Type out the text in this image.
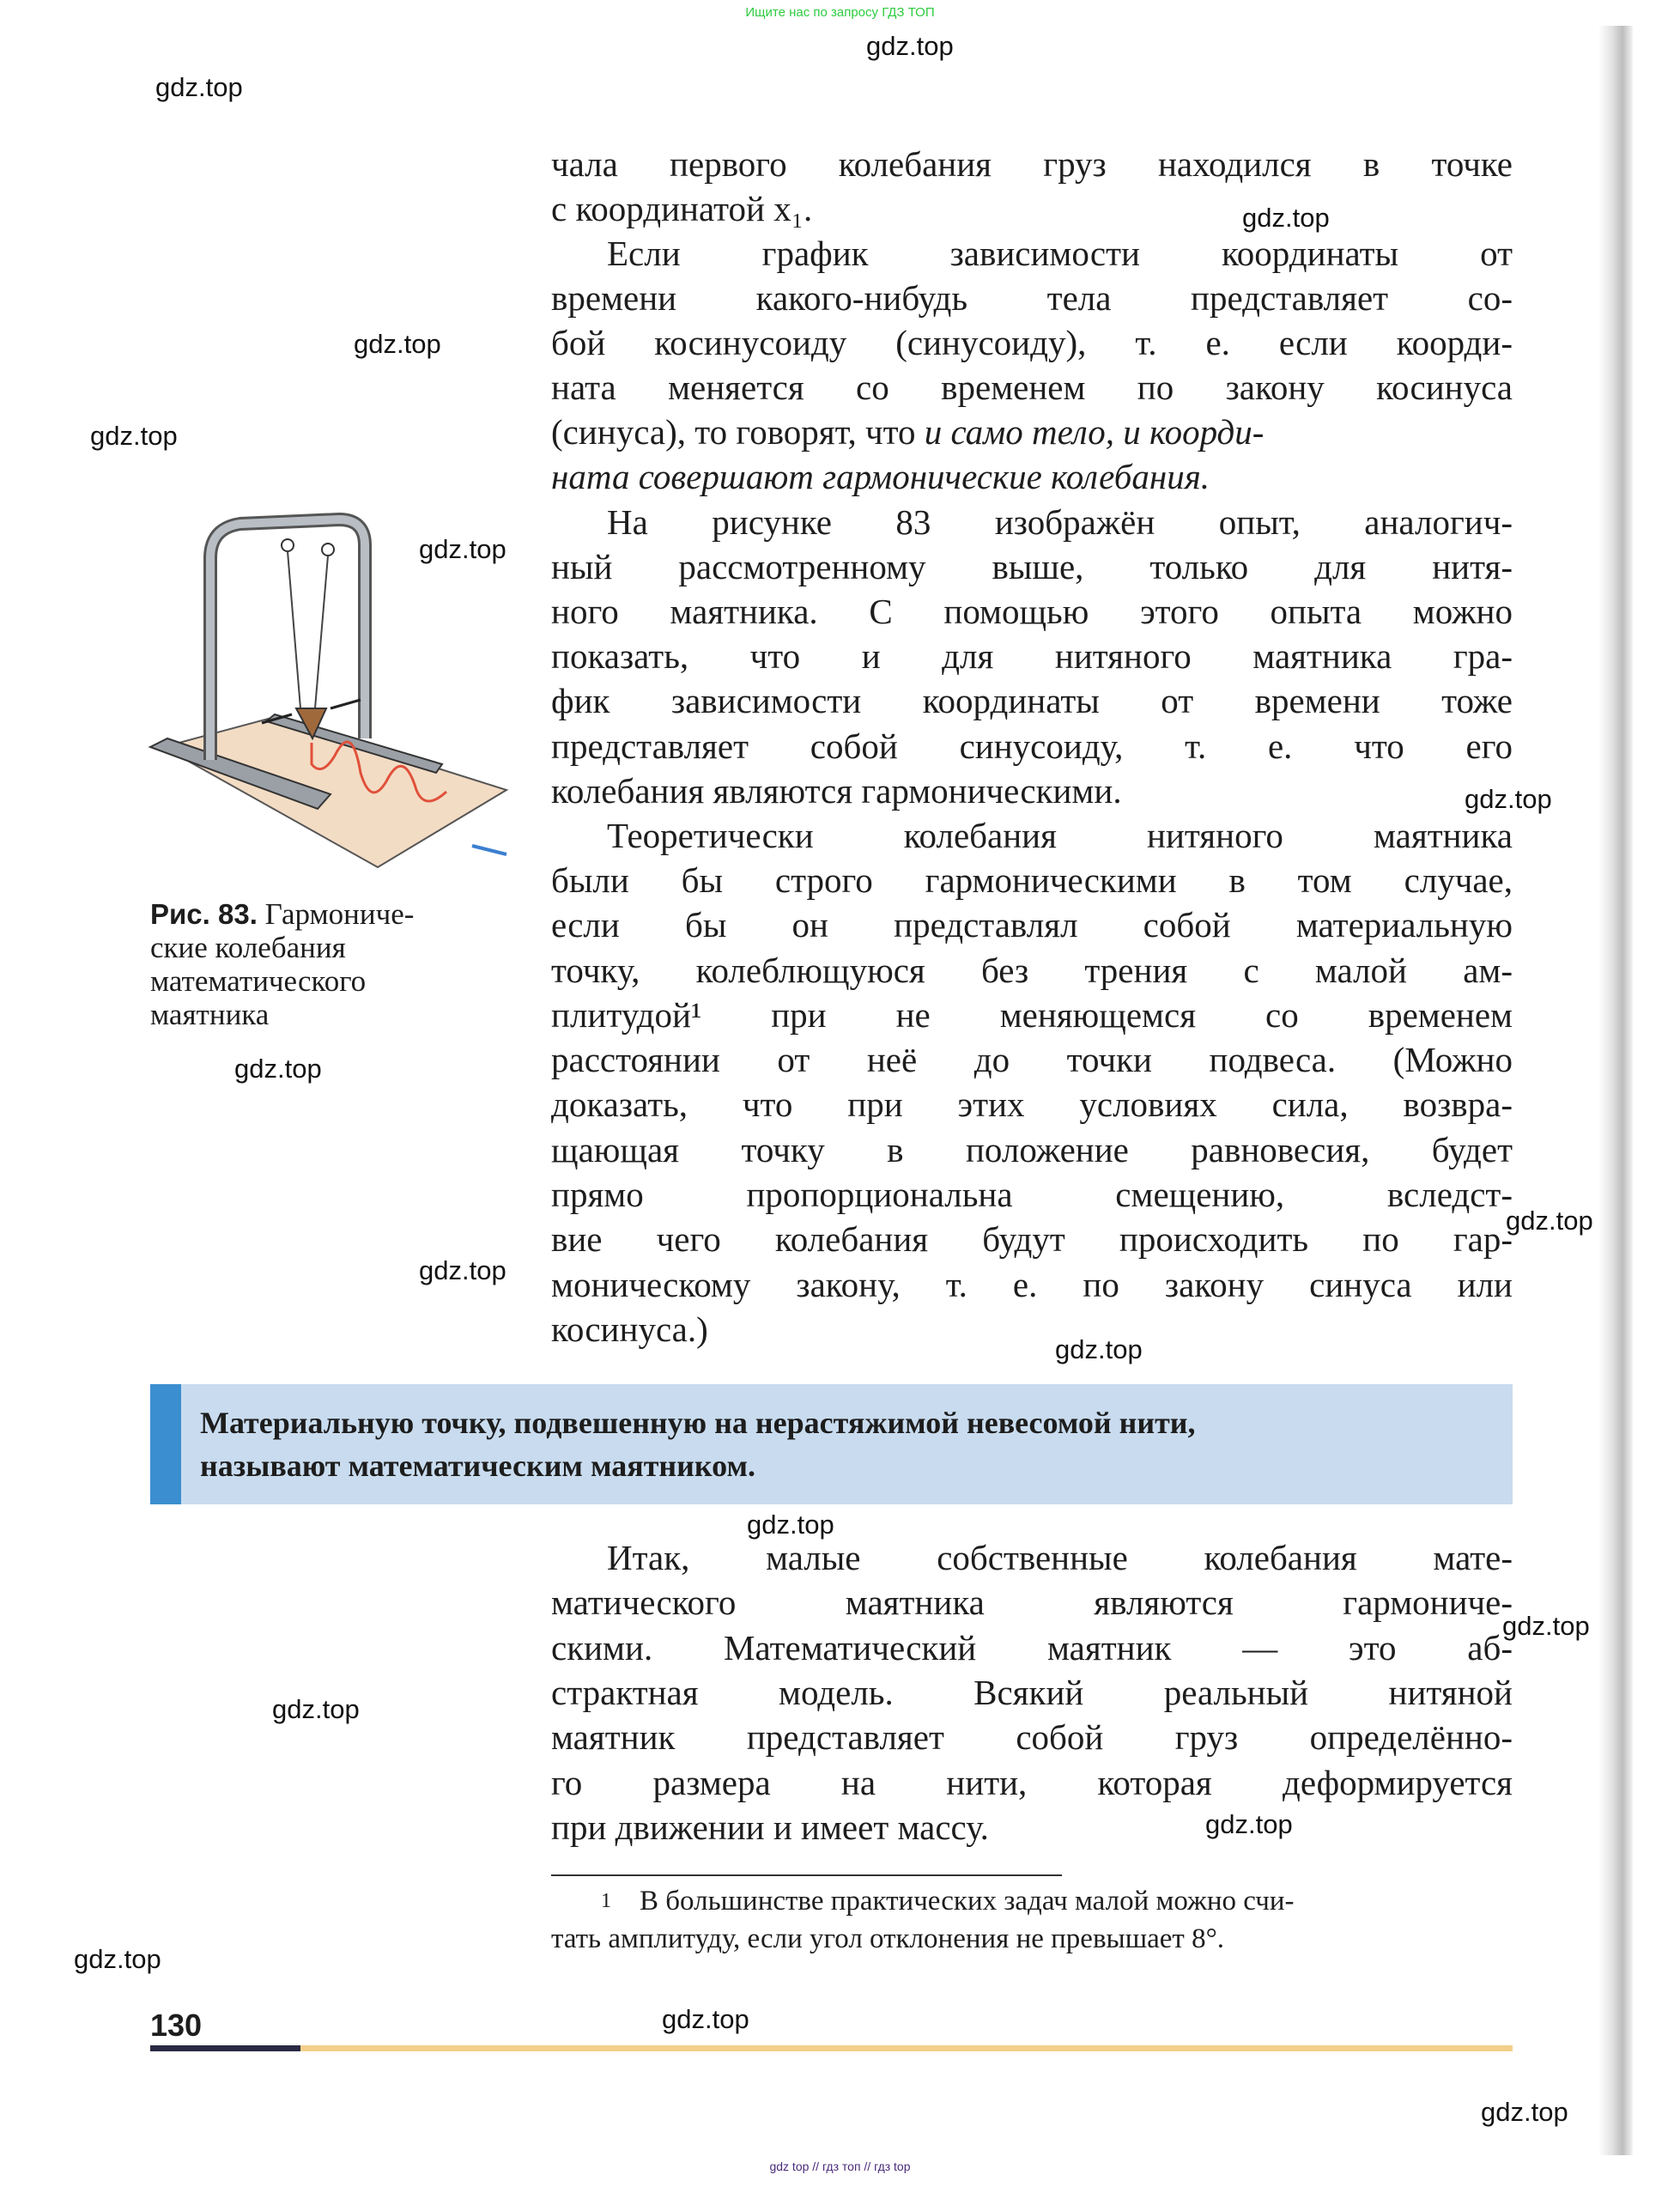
Ищите нас по запросу ГДЗ ТОП
чала первого колебания груз находился в точке
с координатой x₁.
Если график зависимости координаты от
времени какого-нибудь тела представляет со-
бой косинусоиду (синусоиду), т. е. если коорди-
ната меняется со временем по закону косинуса
(синуса), то говорят, что и само тело, и коорди-
ната совершают гармонические колебания.
На рисунке 83 изображён опыт, аналогич-
ный рассмотренному выше, только для нитя-
ного маятника. С помощью этого опыта можно
показать, что и для нитяного маятника гра-
фик зависимости координаты от времени тоже
представляет собой синусоиду, т. е. что его
колебания являются гармоническими.
Теоретически колебания нитяного маятника
были бы строго гармоническими в том случае,
если бы он представлял собой материальную
точку, колеблющуюся без трения с малой ам-
плитудой¹ при не меняющемся со временем
расстоянии от неё до точки подвеса. (Можно
доказать, что при этих условиях сила, возвра-
щающая точку в положение равновесия, будет
прямо пропорциональна смещению, вследст-
вие чего колебания будут происходить по гар-
моническому закону, т. е. по закону синуса или
косинуса.)
Рис. 83. Гармониче-
ские колебания
математического
маятника
Материальную точку, подвешенную на нерастяжимой невесомой нити,
называют математическим маятником.
Итак, малые собственные колебания мате-
матического маятника являются гармониче-
скими. Математический маятник — это аб-
страктная модель. Всякий реальный нитяной
маятник представляет собой груз определённо-
го размера на нити, которая деформируется
при движении и имеет массу.
1	В большинстве практических задач малой можно счи-
тать амплитуду, если угол отклонения не превышает 8°.
130
gdz.top
gdz.top
gdz.top
gdz.top
gdz.top
gdz.top
gdz.top
gdz.top
gdz.top
gdz.top
gdz.top
gdz.top
gdz.top
gdz.top
gdz.top
gdz.top
gdz.top
gdz.top
gdz top // гдз топ // гдз top
